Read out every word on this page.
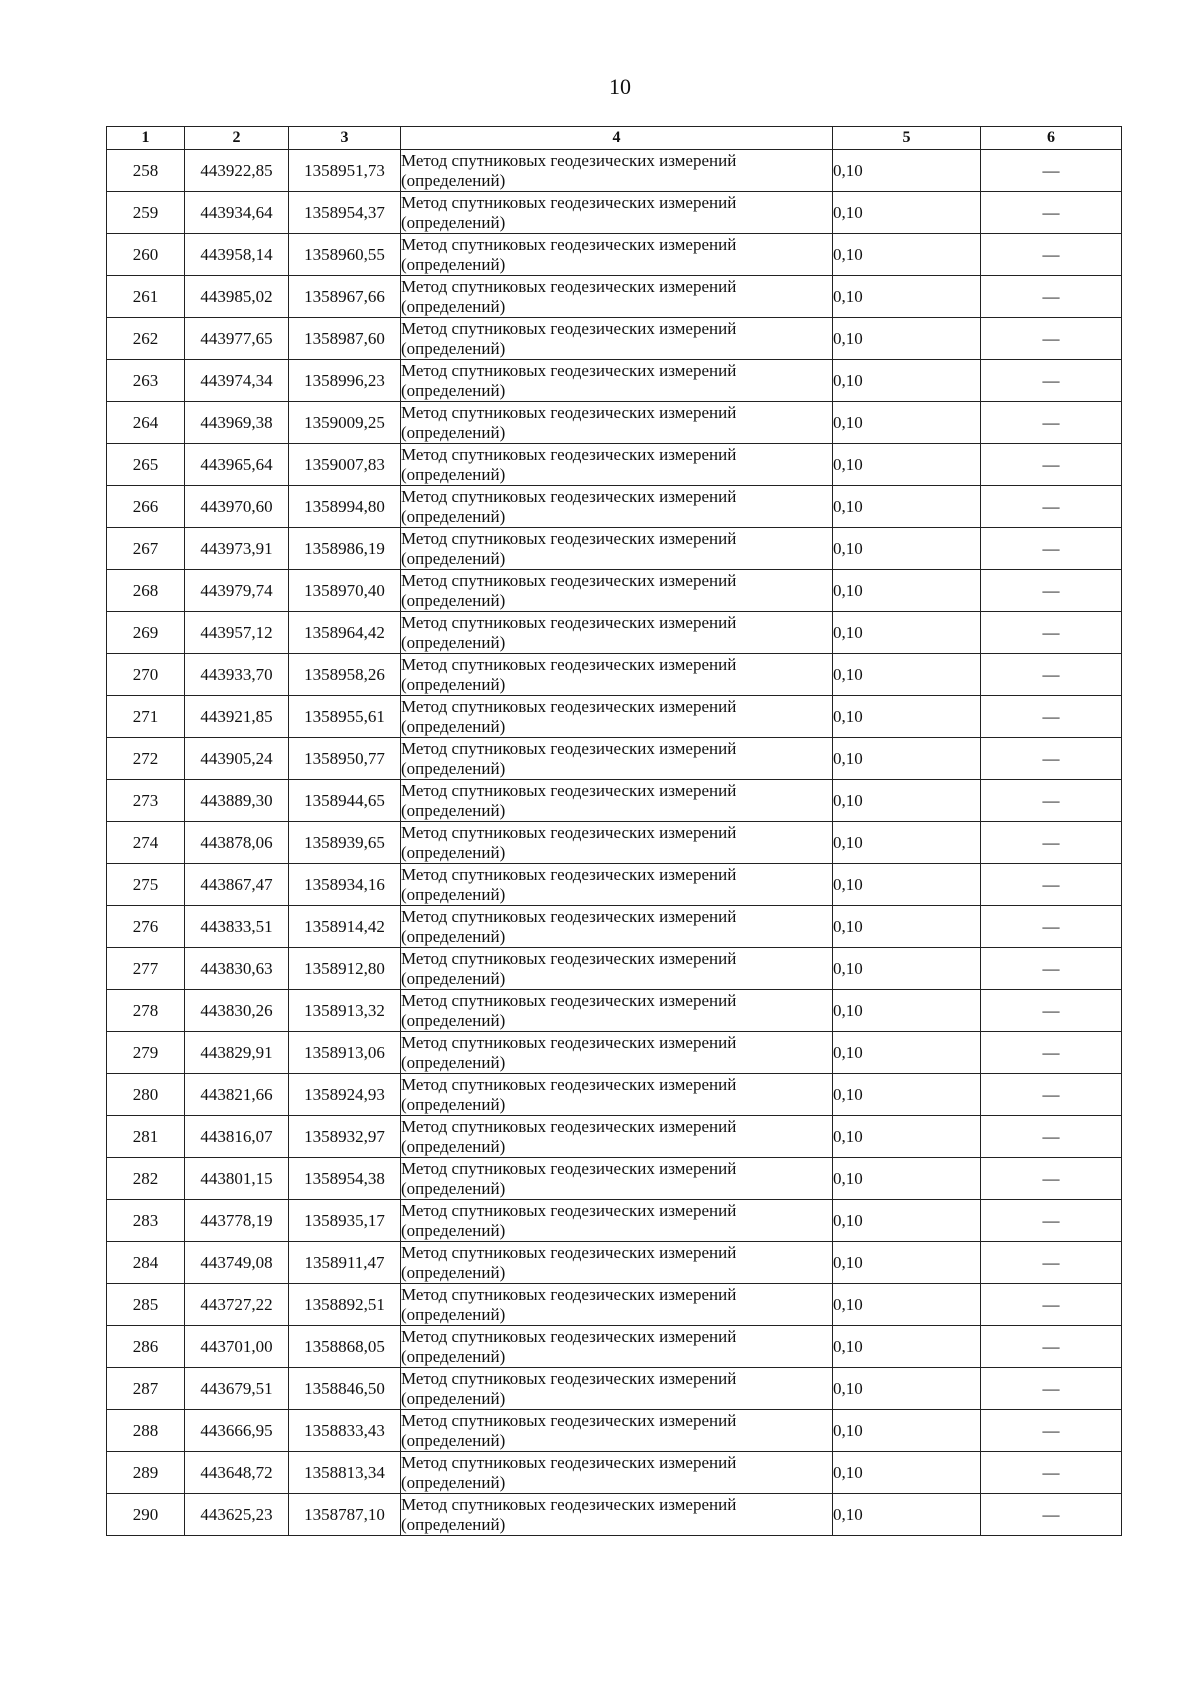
10
1	2	3	4	5	6
258	443922,85	1358951,73	Метод спутниковых геодезических измерений
(определений)	0,10	—
259	443934,64	1358954,37	Метод спутниковых геодезических измерений
(определений)	0,10	—
260	443958,14	1358960,55	Метод спутниковых геодезических измерений
(определений)	0,10	—
261	443985,02	1358967,66	Метод спутниковых геодезических измерений
(определений)	0,10	—
262	443977,65	1358987,60	Метод спутниковых геодезических измерений
(определений)	0,10	—
263	443974,34	1358996,23	Метод спутниковых геодезических измерений
(определений)	0,10	—
264	443969,38	1359009,25	Метод спутниковых геодезических измерений
(определений)	0,10	—
265	443965,64	1359007,83	Метод спутниковых геодезических измерений
(определений)	0,10	—
266	443970,60	1358994,80	Метод спутниковых геодезических измерений
(определений)	0,10	—
267	443973,91	1358986,19	Метод спутниковых геодезических измерений
(определений)	0,10	—
268	443979,74	1358970,40	Метод спутниковых геодезических измерений
(определений)	0,10	—
269	443957,12	1358964,42	Метод спутниковых геодезических измерений
(определений)	0,10	—
270	443933,70	1358958,26	Метод спутниковых геодезических измерений
(определений)	0,10	—
271	443921,85	1358955,61	Метод спутниковых геодезических измерений
(определений)	0,10	—
272	443905,24	1358950,77	Метод спутниковых геодезических измерений
(определений)	0,10	—
273	443889,30	1358944,65	Метод спутниковых геодезических измерений
(определений)	0,10	—
274	443878,06	1358939,65	Метод спутниковых геодезических измерений
(определений)	0,10	—
275	443867,47	1358934,16	Метод спутниковых геодезических измерений
(определений)	0,10	—
276	443833,51	1358914,42	Метод спутниковых геодезических измерений
(определений)	0,10	—
277	443830,63	1358912,80	Метод спутниковых геодезических измерений
(определений)	0,10	—
278	443830,26	1358913,32	Метод спутниковых геодезических измерений
(определений)	0,10	—
279	443829,91	1358913,06	Метод спутниковых геодезических измерений
(определений)	0,10	—
280	443821,66	1358924,93	Метод спутниковых геодезических измерений
(определений)	0,10	—
281	443816,07	1358932,97	Метод спутниковых геодезических измерений
(определений)	0,10	—
282	443801,15	1358954,38	Метод спутниковых геодезических измерений
(определений)	0,10	—
283	443778,19	1358935,17	Метод спутниковых геодезических измерений
(определений)	0,10	—
284	443749,08	1358911,47	Метод спутниковых геодезических измерений
(определений)	0,10	—
285	443727,22	1358892,51	Метод спутниковых геодезических измерений
(определений)	0,10	—
286	443701,00	1358868,05	Метод спутниковых геодезических измерений
(определений)	0,10	—
287	443679,51	1358846,50	Метод спутниковых геодезических измерений
(определений)	0,10	—
288	443666,95	1358833,43	Метод спутниковых геодезических измерений
(определений)	0,10	—
289	443648,72	1358813,34	Метод спутниковых геодезических измерений
(определений)	0,10	—
290	443625,23	1358787,10	Метод спутниковых геодезических измерений
(определений)	0,10	—
